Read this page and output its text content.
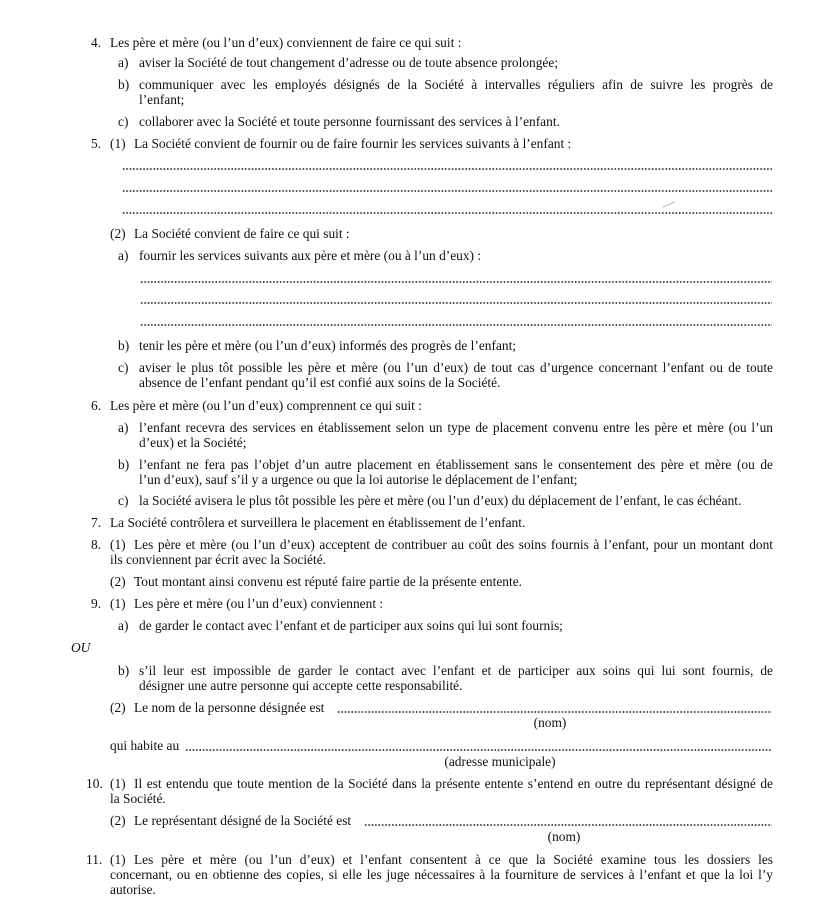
4. Les père et mère (ou l’un d’eux) conviennent de faire ce qui suit :
a) aviser la Société de tout changement d’adresse ou de toute absence prolongée;
b) communiquer avec les employés désignés de la Société à intervalles réguliers afin de suivre les progrès de
l’enfant;
c) collaborer avec la Société et toute personne fournissant des services à l’enfant.
5. (1) La Société convient de fournir ou de faire fournir les services suivants à l’enfant :
(2) La Société convient de faire ce qui suit :
a) fournir les services suivants aux père et mère (ou à l’un d’eux) :
b) tenir les père et mère (ou l’un d’eux) informés des progrès de l’enfant;
c) aviser le plus tôt possible les père et mère (ou l’un d’eux) de tout cas d’urgence concernant l’enfant ou de toute
absence de l’enfant pendant qu’il est confié aux soins de la Société.
6. Les père et mère (ou l’un d’eux) comprennent ce qui suit :
a) l’enfant recevra des services en établissement selon un type de placement convenu entre les père et mère (ou l’un
d’eux) et la Société;
b) l’enfant ne fera pas l’objet d’un autre placement en établissement sans le consentement des père et mère (ou de
l’un d’eux), sauf s’il y a urgence ou que la loi autorise le déplacement de l’enfant;
c) la Société avisera le plus tôt possible les père et mère (ou l’un d’eux) du déplacement de l’enfant, le cas échéant.
7. La Société contrôlera et surveillera le placement en établissement de l’enfant.
8. (1) Les père et mère (ou l’un d’eux) acceptent de contribuer au coût des soins fournis à l’enfant, pour un montant dont
ils conviennent par écrit avec la Société.
(2) Tout montant ainsi convenu est réputé faire partie de la présente entente.
9. (1) Les père et mère (ou l’un d’eux) conviennent :
a) de garder le contact avec l’enfant et de participer aux soins qui lui sont fournis;
OU
b) s’il leur est impossible de garder le contact avec l’enfant et de participer aux soins qui lui sont fournis, de
désigner une autre personne qui accepte cette responsabilité.
(2) Le nom de la personne désignée est
(nom)
qui habite au
(adresse municipale)
10. (1) Il est entendu que toute mention de la Société dans la présente entente s’entend en outre du représentant désigné de
la Société.
(2) Le représentant désigné de la Société est
(nom)
11. (1) Les père et mère (ou l’un d’eux) et l’enfant consentent à ce que la Société examine tous les dossiers les
concernant, ou en obtienne des copies, si elle les juge nécessaires à la fourniture de services à l’enfant et que la loi l’y
autorise.
